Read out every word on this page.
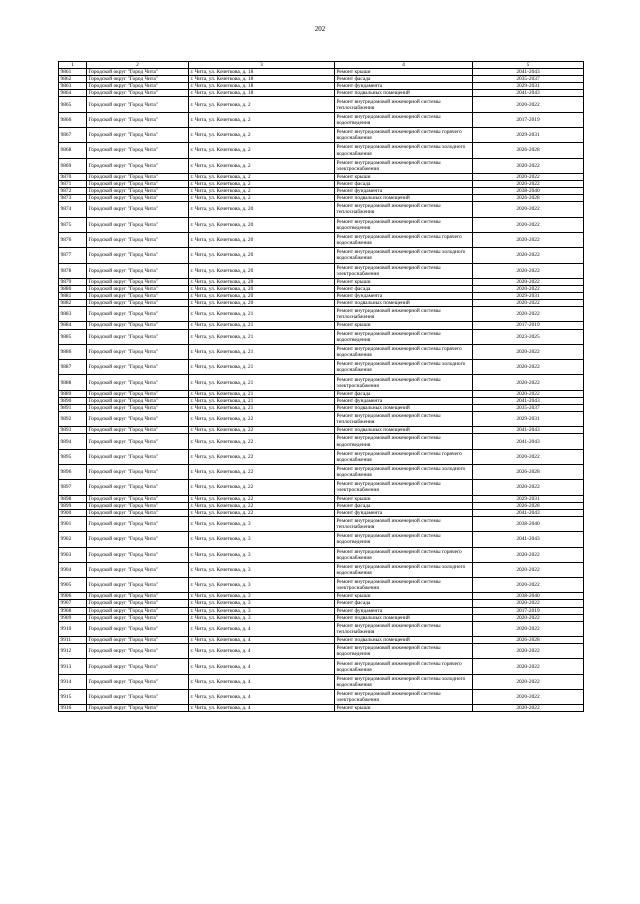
202
1	2	3	4	5
9861	Городской округ "Город Чита"	г. Чита, ул. Кочеткова, д. 18	Ремонт крыши	2041-2043
9862	Городской округ "Город Чита"	г. Чита, ул. Кочеткова, д. 18	Ремонт фасада	2035-2037
9863	Городской округ "Город Чита"	г. Чита, ул. Кочеткова, д. 18	Ремонт фундамента	2029-2031
9864	Городской округ "Город Чита"	г. Чита, ул. Кочеткова, д. 18	Ремонт подвальных помещений	2041-2043
9865	Городской округ "Город Чита"	г. Чита, ул. Кочеткова, д. 2	Ремонт внутридомовой инженерной системы теплоснабжения	2020-2022
9866	Городской округ "Город Чита"	г. Чита, ул. Кочеткова, д. 2	Ремонт внутридомовой инженерной системы водоотведения	2017-2019
9867	Городской округ "Город Чита"	г. Чита, ул. Кочеткова, д. 2	Ремонт внутридомовой инженерной системы горячего водоснабжения	2029-2031
9868	Городской округ "Город Чита"	г. Чита, ул. Кочеткова, д. 2	Ремонт внутридомовой инженерной системы холодного водоснабжения	2026-2028
9869	Городской округ "Город Чита"	г. Чита, ул. Кочеткова, д. 2	Ремонт внутридомовой инженерной системы электроснабжения	2020-2022
9870	Городской округ "Город Чита"	г. Чита, ул. Кочеткова, д. 2	Ремонт крыши	2020-2022
9871	Городской округ "Город Чита"	г. Чита, ул. Кочеткова, д. 2	Ремонт фасада	2020-2022
9872	Городской округ "Город Чита"	г. Чита, ул. Кочеткова, д. 2	Ремонт фундамента	2038-2040
9873	Городской округ "Город Чита"	г. Чита, ул. Кочеткова, д. 2	Ремонт подвальных помещений	2026-2028
9874	Городской округ "Город Чита"	г. Чита, ул. Кочеткова, д. 20	Ремонт внутридомовой инженерной системы теплоснабжения	2020-2022
9875	Городской округ "Город Чита"	г. Чита, ул. Кочеткова, д. 20	Ремонт внутридомовой инженерной системы водоотведения	2020-2022
9876	Городской округ "Город Чита"	г. Чита, ул. Кочеткова, д. 20	Ремонт внутридомовой инженерной системы горячего водоснабжения	2020-2022
9877	Городской округ "Город Чита"	г. Чита, ул. Кочеткова, д. 20	Ремонт внутридомовой инженерной системы холодного водоснабжения	2020-2022
9878	Городской округ "Город Чита"	г. Чита, ул. Кочеткова, д. 20	Ремонт внутридомовой инженерной системы электроснабжения	2020-2022
9879	Городской округ "Город Чита"	г. Чита, ул. Кочеткова, д. 20	Ремонт крыши	2020-2022
9880	Городской округ "Город Чита"	г. Чита, ул. Кочеткова, д. 20	Ремонт фасада	2020-2022
9881	Городской округ "Город Чита"	г. Чита, ул. Кочеткова, д. 20	Ремонт фундамента	2029-2031
9882	Городской округ "Город Чита"	г. Чита, ул. Кочеткова, д. 20	Ремонт подвальных помещений	2020-2022
9883	Городской округ "Город Чита"	г. Чита, ул. Кочеткова, д. 21	Ремонт внутридомовой инженерной системы теплоснабжения	2020-2022
9884	Городской округ "Город Чита"	г. Чита, ул. Кочеткова, д. 21	Ремонт крыши	2017-2019
9885	Городской округ "Город Чита"	г. Чита, ул. Кочеткова, д. 21	Ремонт внутридомовой инженерной системы водоотведения	2023-2025
9886	Городской округ "Город Чита"	г. Чита, ул. Кочеткова, д. 21	Ремонт внутридомовой инженерной системы горячего водоснабжения	2020-2022
9887	Городской округ "Город Чита"	г. Чита, ул. Кочеткова, д. 21	Ремонт внутридомовой инженерной системы холодного водоснабжения	2020-2022
9888	Городской округ "Город Чита"	г. Чита, ул. Кочеткова, д. 21	Ремонт внутридомовой инженерной системы электроснабжения	2020-2022
9889	Городской округ "Город Чита"	г. Чита, ул. Кочеткова, д. 21	Ремонт фасада	2020-2022
9890	Городской округ "Город Чита"	г. Чита, ул. Кочеткова, д. 21	Ремонт фундамента	2041-2043
9891	Городской округ "Город Чита"	г. Чита, ул. Кочеткова, д. 21	Ремонт подвальных помещений	2035-2037
9892	Городской округ "Город Чита"	г. Чита, ул. Кочеткова, д. 22	Ремонт внутридомовой инженерной системы теплоснабжения	2029-2031
9893	Городской округ "Город Чита"	г. Чита, ул. Кочеткова, д. 22	Ремонт подвальных помещений	2041-2043
9894	Городской округ "Город Чита"	г. Чита, ул. Кочеткова, д. 22	Ремонт внутридомовой инженерной системы водоотведения	2041-2043
9895	Городской округ "Город Чита"	г. Чита, ул. Кочеткова, д. 22	Ремонт внутридомовой инженерной системы горячего водоснабжения	2020-2022
9896	Городской округ "Город Чита"	г. Чита, ул. Кочеткова, д. 22	Ремонт внутридомовой инженерной системы холодного водоснабжения	2026-2028
9897	Городской округ "Город Чита"	г. Чита, ул. Кочеткова, д. 22	Ремонт внутридомовой инженерной системы электроснабжения	2020-2022
9898	Городской округ "Город Чита"	г. Чита, ул. Кочеткова, д. 22	Ремонт крыши	2029-2031
9899	Городской округ "Город Чита"	г. Чита, ул. Кочеткова, д. 22	Ремонт фасада	2026-2028
9900	Городской округ "Город Чита"	г. Чита, ул. Кочеткова, д. 22	Ремонт фундамента	2041-2043
9901	Городской округ "Город Чита"	г. Чита, ул. Кочеткова, д. 3	Ремонт внутридомовой инженерной системы теплоснабжения	2038-2040
9902	Городской округ "Город Чита"	г. Чита, ул. Кочеткова, д. 3	Ремонт внутридомовой инженерной системы водоотведения	2041-2043
9903	Городской округ "Город Чита"	г. Чита, ул. Кочеткова, д. 3	Ремонт внутридомовой инженерной системы горячего водоснабжения	2020-2022
9904	Городской округ "Город Чита"	г. Чита, ул. Кочеткова, д. 3	Ремонт внутридомовой инженерной системы холодного водоснабжения	2020-2022
9905	Городской округ "Город Чита"	г. Чита, ул. Кочеткова, д. 3	Ремонт внутридомовой инженерной системы электроснабжения	2020-2022
9906	Городской округ "Город Чита"	г. Чита, ул. Кочеткова, д. 3	Ремонт крыши	2038-2040
9907	Городской округ "Город Чита"	г. Чита, ул. Кочеткова, д. 3	Ремонт фасада	2020-2022
9908	Городской округ "Город Чита"	г. Чита, ул. Кочеткова, д. 3	Ремонт фундамента	2017-2019
9909	Городской округ "Город Чита"	г. Чита, ул. Кочеткова, д. 3	Ремонт подвальных помещений	2020-2022
9910	Городской округ "Город Чита"	г. Чита, ул. Кочеткова, д. 4	Ремонт внутридомовой инженерной системы теплоснабжения	2020-2022
9911	Городской округ "Город Чита"	г. Чита, ул. Кочеткова, д. 4	Ремонт подвальных помещений	2026-2028
9912	Городской округ "Город Чита"	г. Чита, ул. Кочеткова, д. 4	Ремонт внутридомовой инженерной системы водоотведения	2020-2022
9913	Городской округ "Город Чита"	г. Чита, ул. Кочеткова, д. 4	Ремонт внутридомовой инженерной системы горячего водоснабжения	2020-2022
9914	Городской округ "Город Чита"	г. Чита, ул. Кочеткова, д. 4	Ремонт внутридомовой инженерной системы холодного водоснабжения	2020-2022
9915	Городской округ "Город Чита"	г. Чита, ул. Кочеткова, д. 4	Ремонт внутридомовой инженерной системы электроснабжения	2020-2022
9916	Городской округ "Город Чита"	г. Чита, ул. Кочеткова, д. 4	Ремонт крыши	2020-2022
